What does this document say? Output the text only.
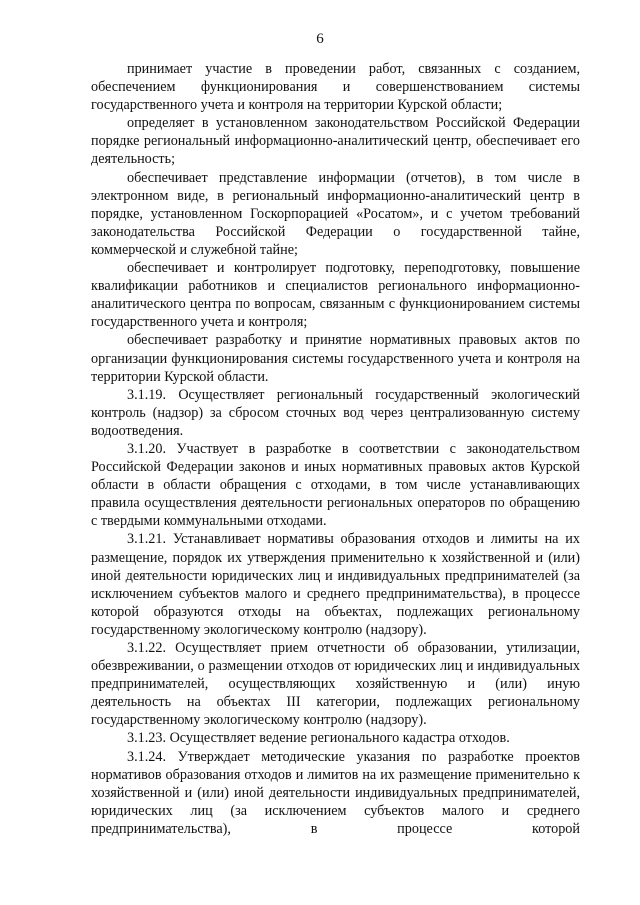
6

принимает участие в проведении работ, связанных с созданием, обеспечением функционирования и совершенствованием системы государственного учета и контроля на территории Курской области;

определяет в установленном законодательством Российской Федерации порядке региональный информационно-аналитический центр, обеспечивает его деятельность;

обеспечивает представление информации (отчетов), в том числе в электронном виде, в региональный информационно-аналитический центр в порядке, установленном Госкорпорацией «Росатом», и с учетом требований законодательства Российской Федерации о государственной тайне, коммерческой и служебной тайне;

обеспечивает и контролирует подготовку, переподготовку, повышение квалификации работников и специалистов регионального информационно-аналитического центра по вопросам, связанным с функционированием системы государственного учета и контроля;

обеспечивает разработку и принятие нормативных правовых актов по организации функционирования системы государственного учета и контроля на территории Курской области.

3.1.19. Осуществляет региональный государственный экологический контроль (надзор) за сбросом сточных вод через централизованную систему водоотведения.

3.1.20. Участвует в разработке в соответствии с законодательством Российской Федерации законов и иных нормативных правовых актов Курской области в области обращения с отходами, в том числе устанавливающих правила осуществления деятельности региональных операторов по обращению с твердыми коммунальными отходами.

3.1.21. Устанавливает нормативы образования отходов и лимиты на их размещение, порядок их утверждения применительно к хозяйственной и (или) иной деятельности юридических лиц и индивидуальных предпринимателей (за исключением субъектов малого и среднего предпринимательства), в процессе которой образуются отходы на объектах, подлежащих региональному государственному экологическому контролю (надзору).

3.1.22. Осуществляет прием отчетности об образовании, утилизации, обезвреживании, о размещении отходов от юридических лиц и индивидуальных предпринимателей, осуществляющих хозяйственную и (или) иную деятельность на объектах III категории, подлежащих региональному государственному экологическому контролю (надзору).

3.1.23. Осуществляет ведение регионального кадастра отходов.

3.1.24. Утверждает методические указания по разработке проектов нормативов образования отходов и лимитов на их размещение применительно к хозяйственной и (или) иной деятельности индивидуальных предпринимателей, юридических лиц (за исключением субъектов малого и среднего предпринимательства), в процессе которой
